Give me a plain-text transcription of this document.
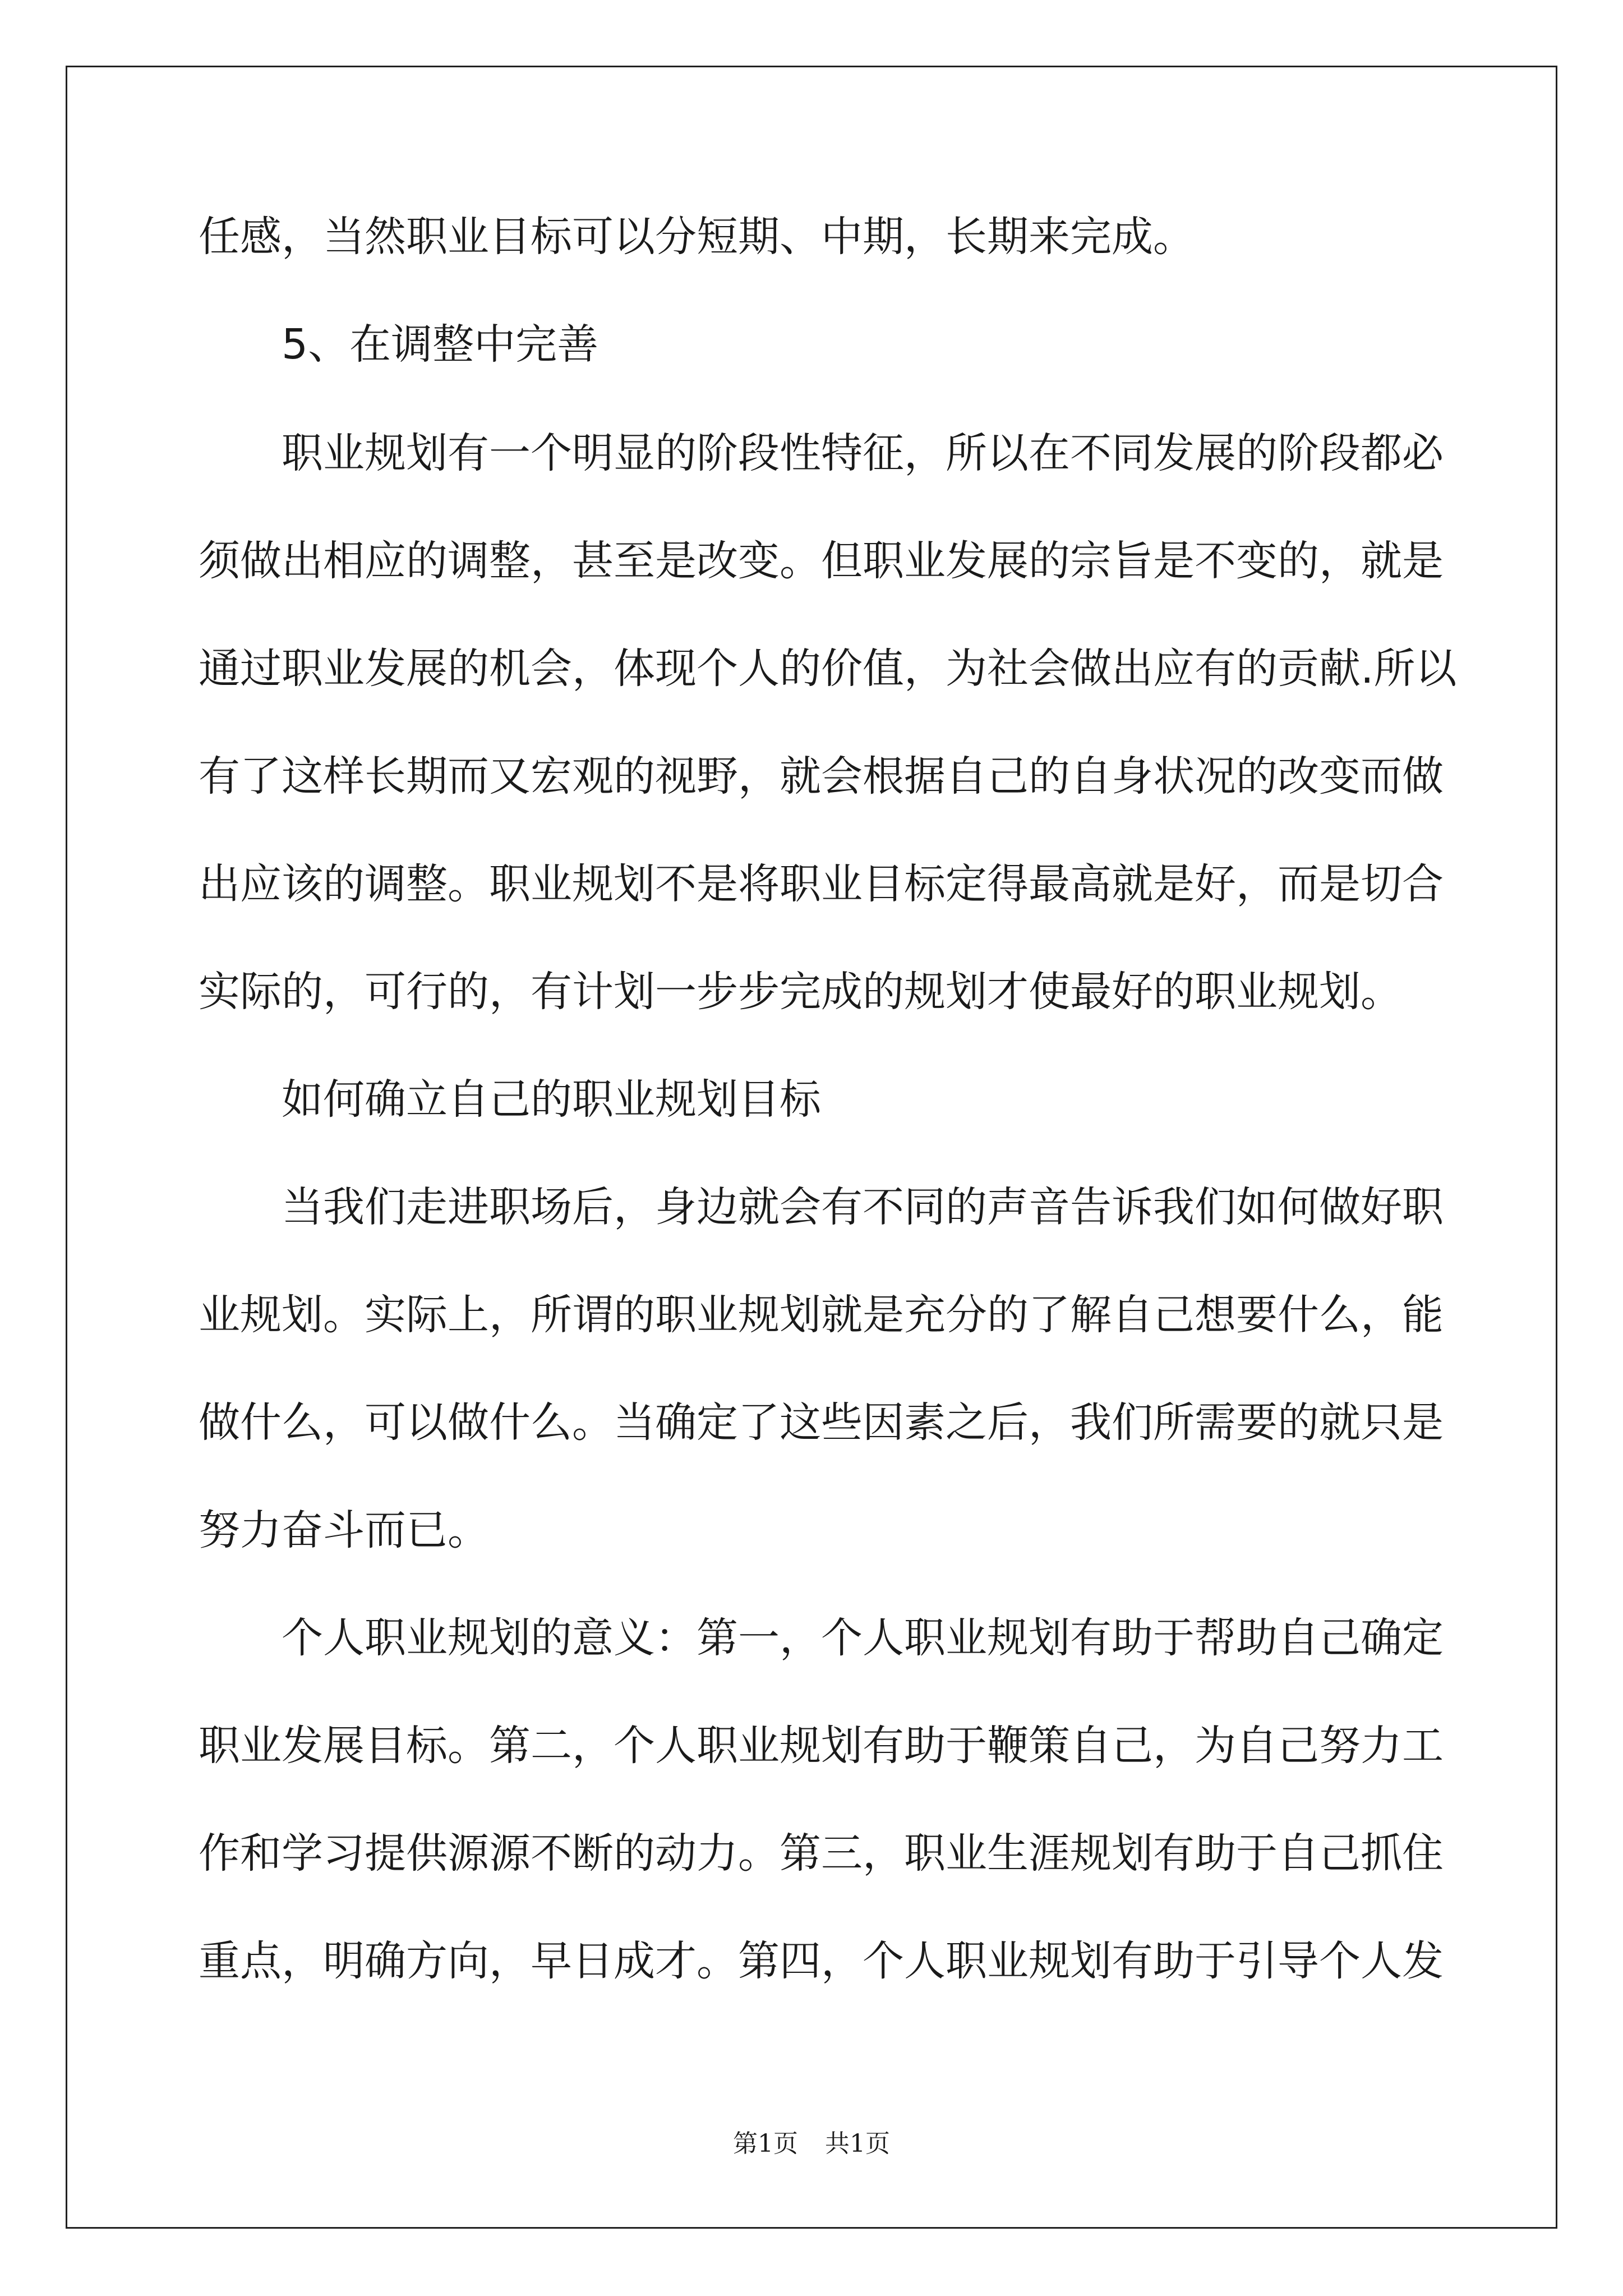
任感，当然职业目标可以分短期、中期，长期来完成。
5、在调整中完善
职业规划有一个明显的阶段性特征，所以在不同发展的阶段都必
须做出相应的调整，甚至是改变。但职业发展的宗旨是不变的，就是
通过职业发展的机会，体现个人的价值，为社会做出应有的贡献.所以
有了这样长期而又宏观的视野，就会根据自己的自身状况的改变而做
出应该的调整。职业规划不是将职业目标定得最高就是好，而是切合
实际的，可行的，有计划一步步完成的规划才使最好的职业规划。
如何确立自己的职业规划目标
当我们走进职场后，身边就会有不同的声音告诉我们如何做好职
业规划。实际上，所谓的职业规划就是充分的了解自己想要什么，能
做什么，可以做什么。当确定了这些因素之后，我们所需要的就只是
努力奋斗而已。
个人职业规划的意义：第一，个人职业规划有助于帮助自己确定
职业发展目标。第二，个人职业规划有助于鞭策自己，为自己努力工
作和学习提供源源不断的动力。第三，职业生涯规划有助于自己抓住
重点，明确方向，早日成才。第四，个人职业规划有助于引导个人发
第1页 共1页
